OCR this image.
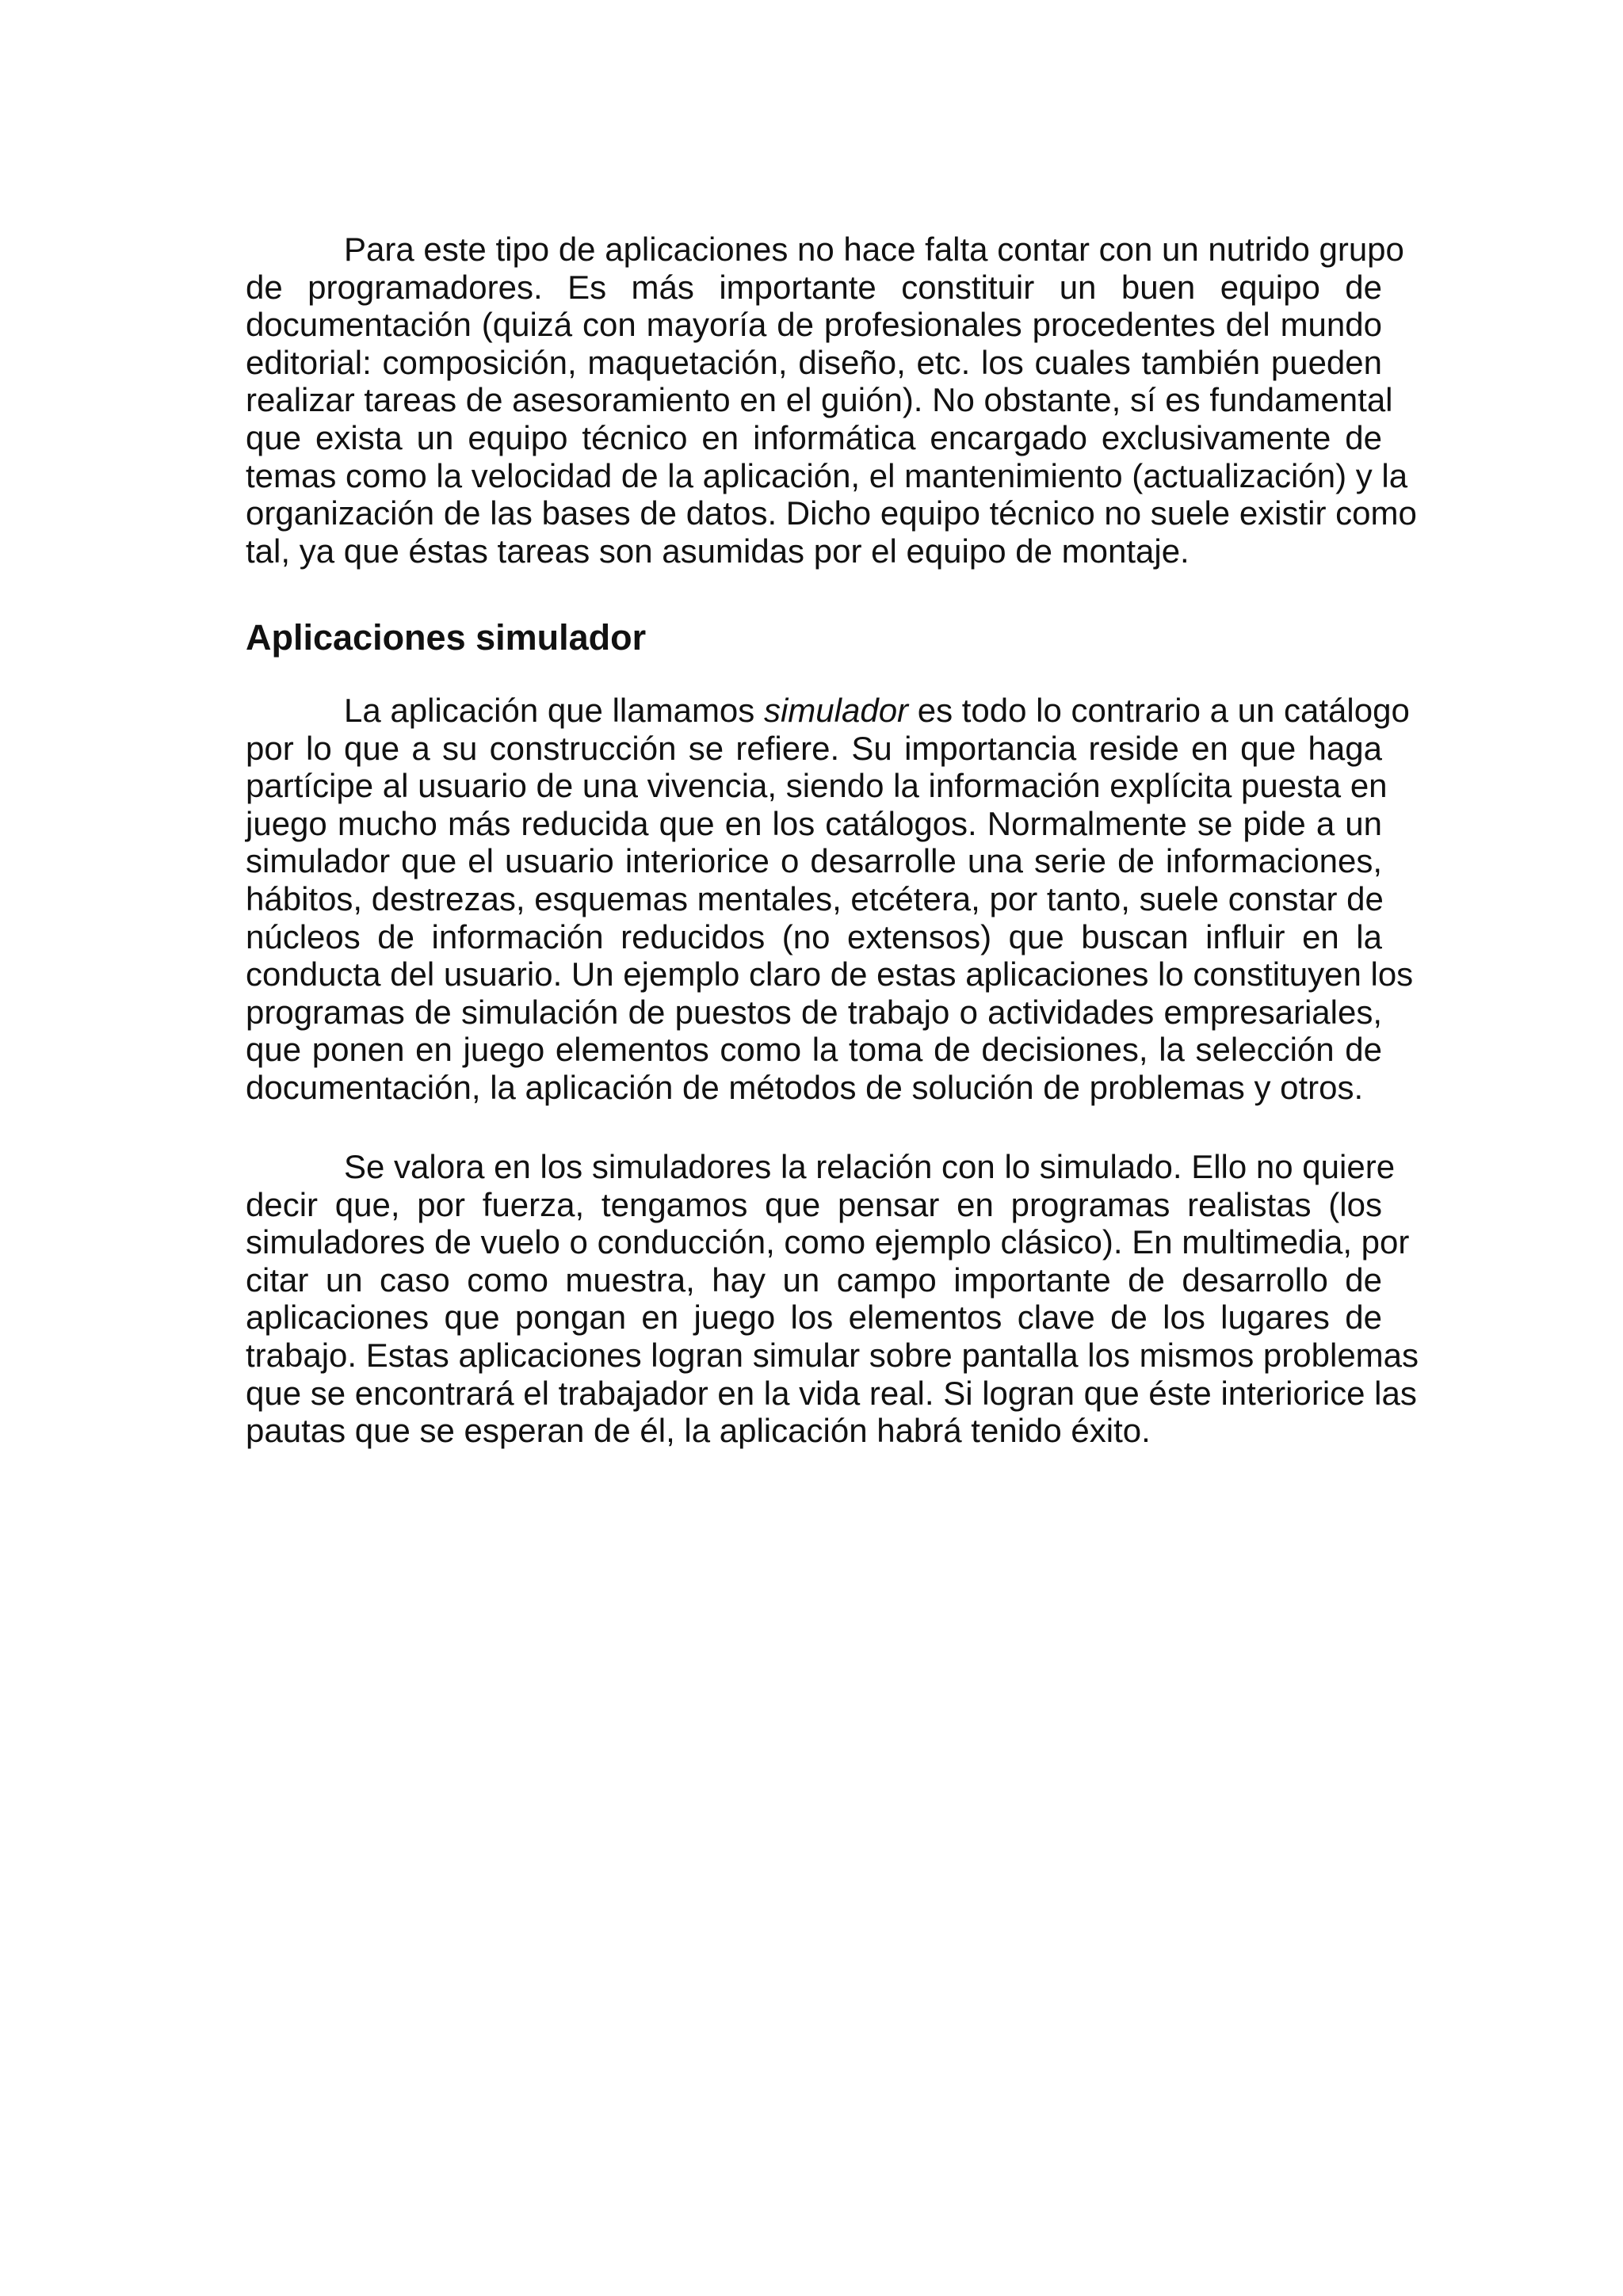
Para este tipo de aplicaciones no hace falta contar con un nutrido grupo
de programadores. Es más importante constituir un buen equipo de
documentación (quizá con mayoría de profesionales procedentes del mundo
editorial: composición, maquetación, diseño, etc. los cuales también pueden
realizar tareas de asesoramiento en el guión). No obstante, sí es fundamental
que exista un equipo técnico en informática encargado exclusivamente de
temas como la velocidad de la aplicación, el mantenimiento (actualización) y la
organización de las bases de datos. Dicho equipo técnico no suele existir como
tal, ya que éstas tareas son asumidas por el equipo de montaje.
Aplicaciones simulador
La aplicación que llamamos simulador es todo lo contrario a un catálogo
por lo que a su construcción se refiere. Su importancia reside en que haga
partícipe al usuario de una vivencia, siendo la información explícita puesta en
juego mucho más reducida que en los catálogos. Normalmente se pide a un
simulador que el usuario interiorice o desarrolle una serie de informaciones,
hábitos, destrezas, esquemas mentales, etcétera, por tanto, suele constar de
núcleos de información reducidos (no extensos) que buscan influir en la
conducta del usuario. Un ejemplo claro de estas aplicaciones lo constituyen los
programas de simulación de puestos de trabajo o actividades empresariales,
que ponen en juego elementos como la toma de decisiones, la selección de
documentación, la aplicación de métodos de solución de problemas y otros.
Se valora en los simuladores la relación con lo simulado. Ello no quiere
decir que, por fuerza, tengamos que pensar en programas realistas (los
simuladores de vuelo o conducción, como ejemplo clásico). En multimedia, por
citar un caso como muestra, hay un campo importante de desarrollo de
aplicaciones que pongan en juego los elementos clave de los lugares de
trabajo. Estas aplicaciones logran simular sobre pantalla los mismos problemas
que se encontrará el trabajador en la vida real. Si logran que éste interiorice las
pautas que se esperan de él, la aplicación habrá tenido éxito.
